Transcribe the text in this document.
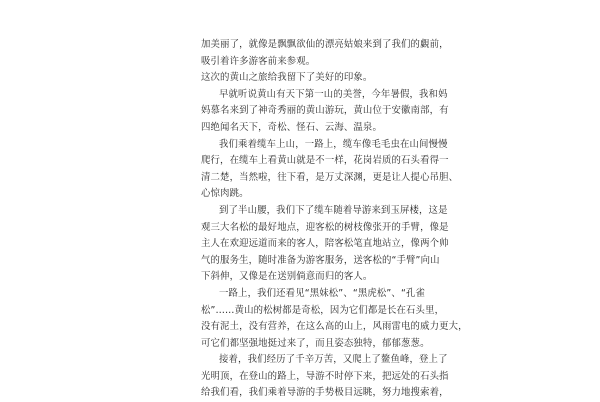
加美丽了，就像是飘飘欲仙的漂亮姑娘来到了我们的覷前，
吸引着许多游客前来参观。
这次的黄山之旅给我留下了美好的印象。
早就听说黄山有天下第一山的美誉，今年暑假，我和妈
妈慕名来到了神奇秀丽的黄山游玩，黄山位于安徽南部，有
四绝闻名天下，奇松、怪石、云海、温泉。
我们乘着缆车上山，一路上，缆车像毛毛虫在山间慢慢
爬行，在缆车上看黄山就是不一样，花岗岩质的石头看得一
清二楚，当然啦，往下看，是万丈深渊，更是让人提心吊胆、
心惊肉跳。
到了半山腰，我们下了缆车随着导游来到玉屏楼，这是
观三大名松的最好地点，迎客松的树枝像张开的手臂，像是
主人在欢迎远道而来的客人，陪客松笔直地站立，像两个帅
气的服务生，随时准备为游客服务，送客松的“手臂”向山
下斜伸，又像是在送别倘意而归的客人。
一路上，我们还看见“黑妹松”、“黑虎松”、“孔雀
松”……黄山的松树都是奇松，因为它们都是长在石头里，
没有泥土，没有营养，在这么高的山上，风雨雷电的威力更大，
可它们都坚强地挺过来了，而且姿态独特，郁郁葱葱。
接着，我们经历了千辛万苦，又爬上了鳌鱼峰，登上了
光明顶，在登山的路上，导游不时停下来，把远处的石头指
给我们看，我们乘着导游的手势极目远眺，努力地搜索着，
